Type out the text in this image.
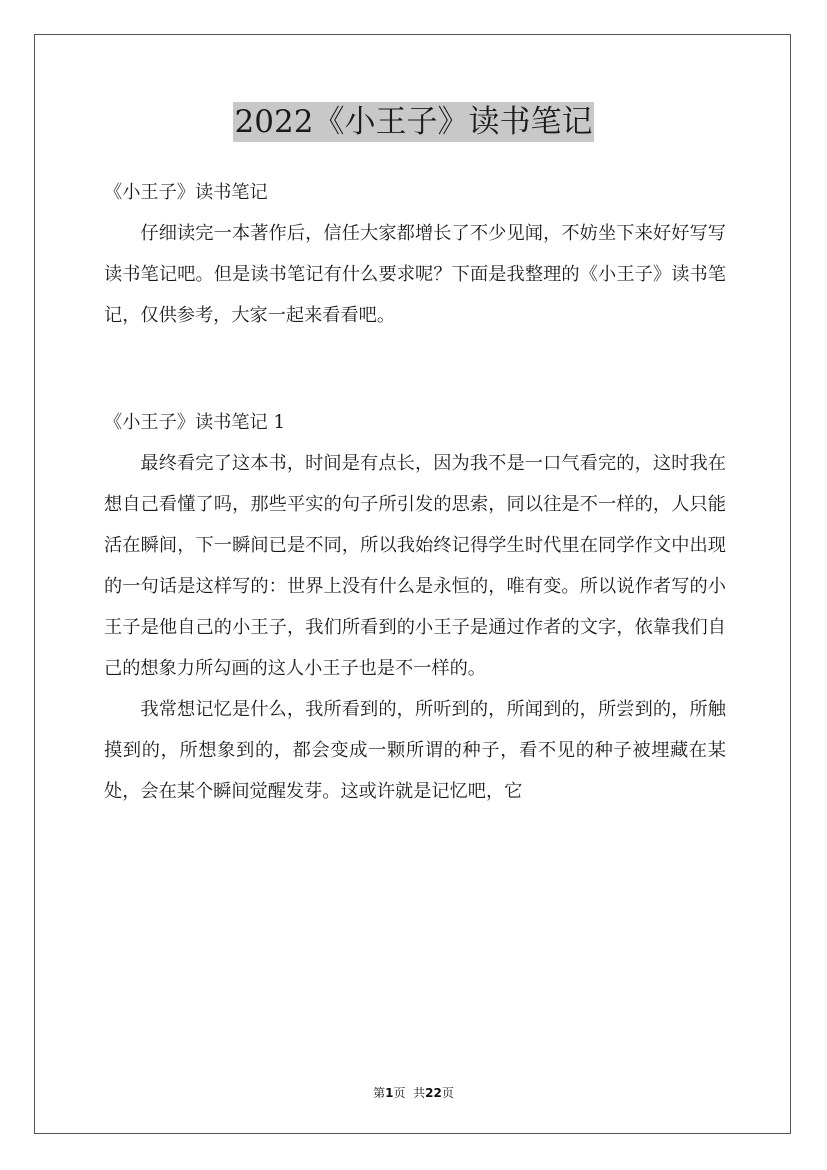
2022《小王子》读书笔记

《小王子》读书笔记

仔细读完一本著作后，信任大家都增长了不少见闻，不妨坐下来好好写写读书笔记吧。但是读书笔记有什么要求呢？下面是我整理的《小王子》读书笔记，仅供参考，大家一起来看看吧。

《小王子》读书笔记 1

最终看完了这本书，时间是有点长，因为我不是一口气看完的，这时我在想自己看懂了吗，那些平实的句子所引发的思索，同以往是不一样的，人只能活在瞬间，下一瞬间已是不同，所以我始终记得学生时代里在同学作文中出现的一句话是这样写的：世界上没有什么是永恒的，唯有变。所以说作者写的小王子是他自己的小王子，我们所看到的小王子是通过作者的文字，依靠我们自己的想象力所勾画的这人小王子也是不一样的。

我常想记忆是什么，我所看到的，所听到的，所闻到的，所尝到的，所触摸到的，所想象到的，都会变成一颗所谓的种子，看不见的种子被埋藏在某处，会在某个瞬间觉醒发芽。这或许就是记忆吧，它

第1页 共22页
